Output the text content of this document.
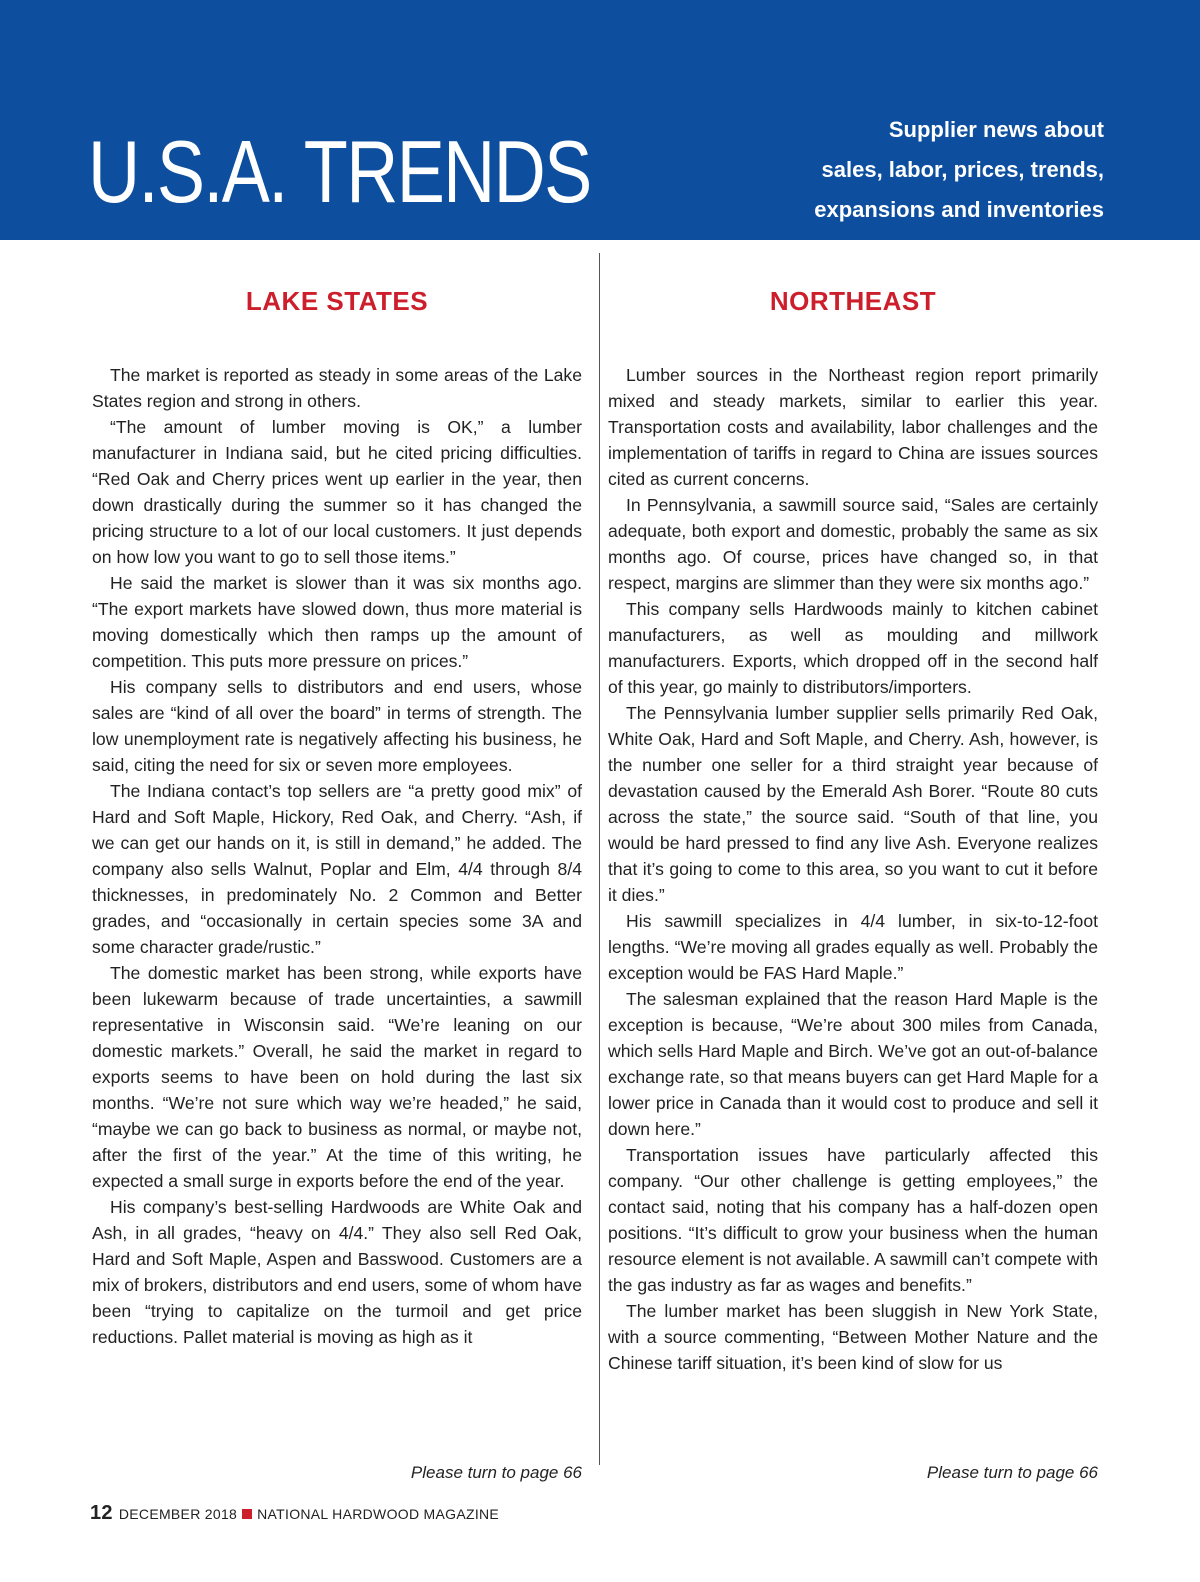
U.S.A. TRENDS	Supplier news about
sales, labor, prices, trends,
expansions and inventories
LAKE STATES

The market is reported as steady in some areas of the Lake States region and strong in others.

“The amount of lumber moving is OK,” a lumber manufacturer in Indiana said, but he cited pricing difficulties. “Red Oak and Cherry prices went up earlier in the year, then down drastically during the summer so it has changed the pricing structure to a lot of our local customers. It just depends on how low you want to go to sell those items.”

He said the market is slower than it was six months ago. “The export markets have slowed down, thus more material is moving domestically which then ramps up the amount of competition. This puts more pressure on prices.”

His company sells to distributors and end users, whose sales are “kind of all over the board” in terms of strength. The low unemployment rate is negatively affecting his business, he said, citing the need for six or seven more employees.

The Indiana contact’s top sellers are “a pretty good mix” of Hard and Soft Maple, Hickory, Red Oak, and Cherry. “Ash, if we can get our hands on it, is still in demand,” he added. The company also sells Walnut, Poplar and Elm, 4/4 through 8/4 thicknesses, in predominately No. 2 Common and Better grades, and “occasionally in certain species some 3A and some character grade/rustic.”

The domestic market has been strong, while exports have been lukewarm because of trade uncertainties, a sawmill representative in Wisconsin said. “We’re leaning on our domestic markets.” Overall, he said the market in regard to exports seems to have been on hold during the last six months. “We’re not sure which way we’re headed,” he said, “maybe we can go back to business as normal, or maybe not, after the first of the year.” At the time of this writing, he expected a small surge in exports before the end of the year.

His company’s best-selling Hardwoods are White Oak and Ash, in all grades, “heavy on 4/4.” They also sell Red Oak, Hard and Soft Maple, Aspen and Basswood. Customers are a mix of brokers, distributors and end users, some of whom have been “trying to capitalize on the turmoil and get price reductions. Pallet material is moving as high as it

Please turn to page 66
NORTHEAST

Lumber sources in the Northeast region report primarily mixed and steady markets, similar to earlier this year. Transportation costs and availability, labor challenges and the implementation of tariffs in regard to China are issues sources cited as current concerns.

In Pennsylvania, a sawmill source said, “Sales are certainly adequate, both export and domestic, probably the same as six months ago. Of course, prices have changed so, in that respect, margins are slimmer than they were six months ago.”

This company sells Hardwoods mainly to kitchen cabinet manufacturers, as well as moulding and millwork manufacturers. Exports, which dropped off in the second half of this year, go mainly to distributors/importers.

The Pennsylvania lumber supplier sells primarily Red Oak, White Oak, Hard and Soft Maple, and Cherry. Ash, however, is the number one seller for a third straight year because of devastation caused by the Emerald Ash Borer. “Route 80 cuts across the state,” the source said. “South of that line, you would be hard pressed to find any live Ash. Everyone realizes that it’s going to come to this area, so you want to cut it before it dies.”

His sawmill specializes in 4/4 lumber, in six-to-12-foot lengths. “We’re moving all grades equally as well. Probably the exception would be FAS Hard Maple.”

The salesman explained that the reason Hard Maple is the exception is because, “We’re about 300 miles from Canada, which sells Hard Maple and Birch. We’ve got an out-of-balance exchange rate, so that means buyers can get Hard Maple for a lower price in Canada than it would cost to produce and sell it down here.”

Transportation issues have particularly affected this company. “Our other challenge is getting employees,” the contact said, noting that his company has a half-dozen open positions. “It’s difficult to grow your business when the human resource element is not available. A sawmill can’t compete with the gas industry as far as wages and benefits.”

The lumber market has been sluggish in New York State, with a source commenting, “Between Mother Nature and the Chinese tariff situation, it’s been kind of slow for us

Please turn to page 66
12 DECEMBER 2018 NATIONAL HARDWOOD MAGAZINE
